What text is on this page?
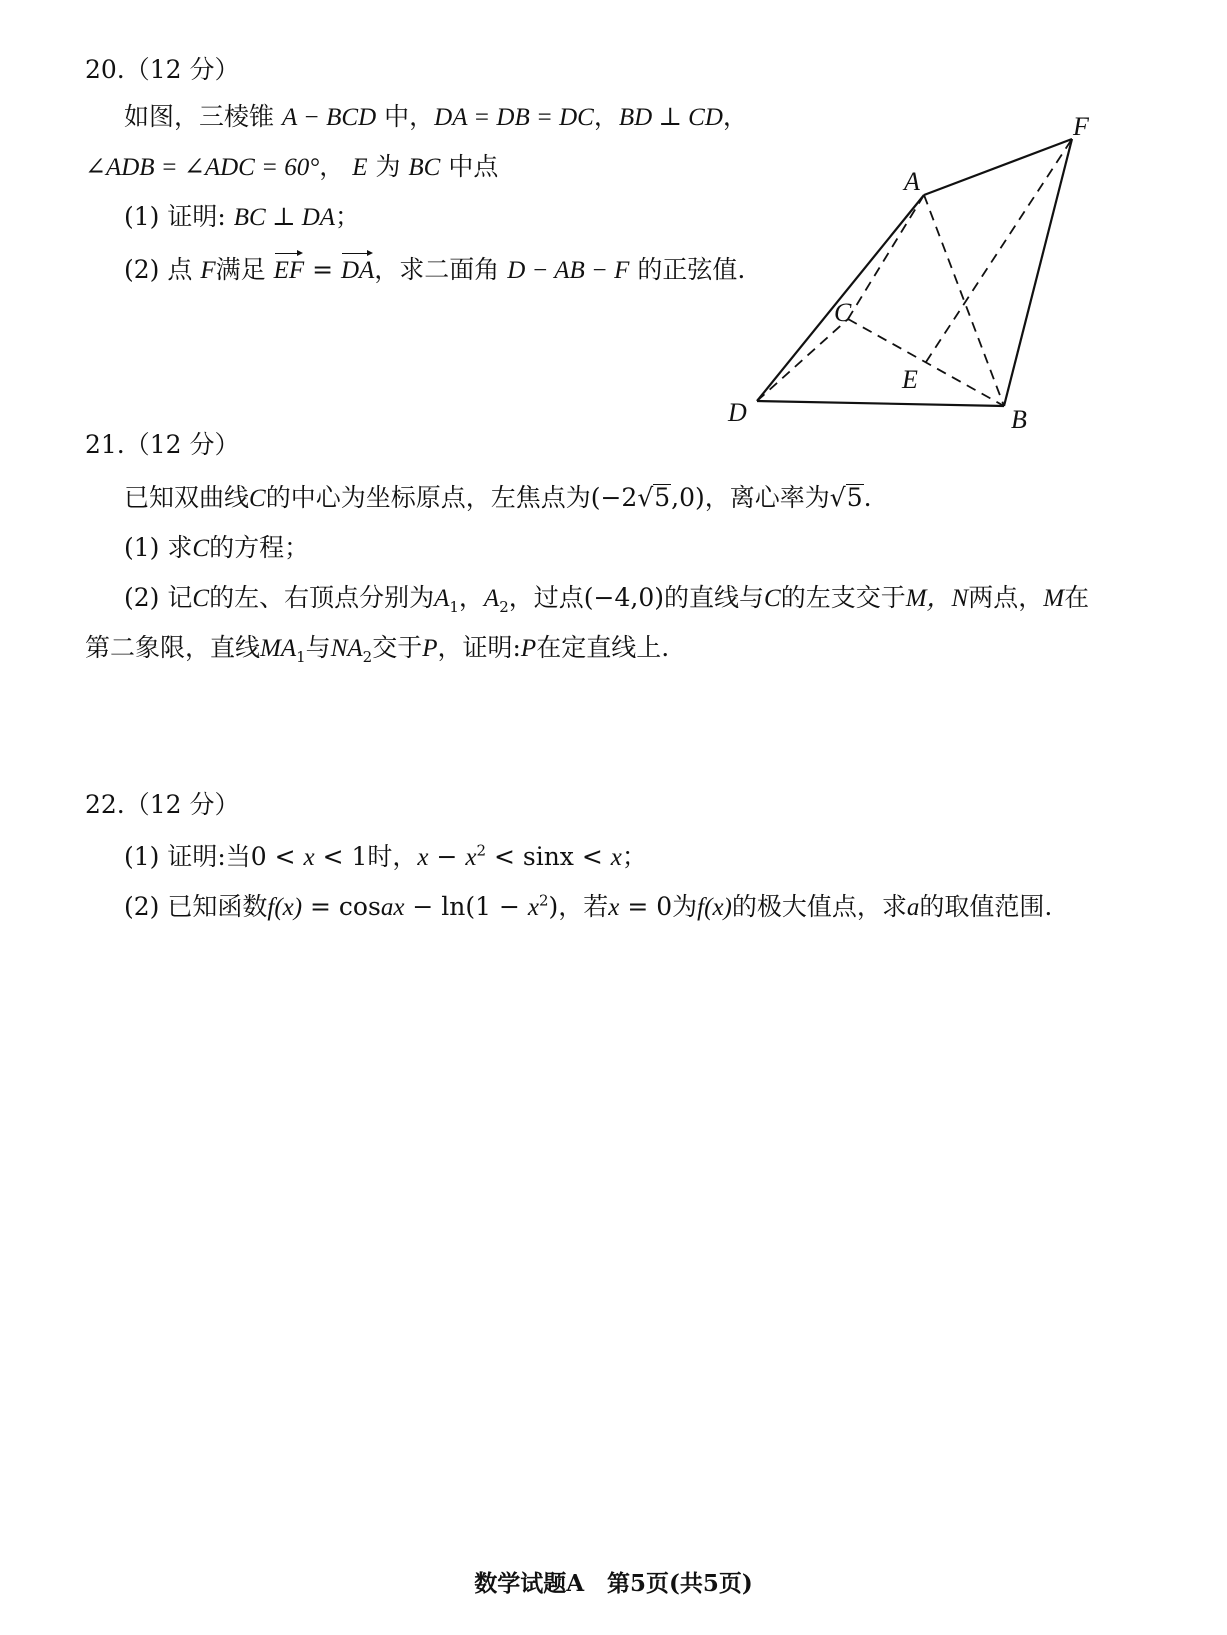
20.（12 分）
如图，三棱锥 A − BCD 中，DA = DB = DC，BD ⊥ CD，
∠ADB = ∠ADC = 60°， E 为 BC 中点
(1) 证明: BC ⊥ DA；
(2) 点 F满足 EF = DA，求二面角 D − AB − F 的正弦值.
A
B
C
D
E
F
21.（12 分）
已知双曲线C的中心为坐标原点，左焦点为(−2√5,0)，离心率为√5.
(1) 求C的方程；
(2) 记C的左、右顶点分别为$A_1$，$A_2$，过点(−4,0)的直线与C的左支交于M，N两点，M在
第二象限，直线$MA_1$与$NA_2$交于P，证明:P在定直线上.
22.（12 分）
(1) 证明:当0 < x < 1时，$x - x^2 < \sin x < x$；
(2) 已知函数f(x) = cosax − $\ln(1 - x^2)$，若x = 0为f(x)的极大值点，求a的取值范围.
数学试题A　第5页(共5页)
